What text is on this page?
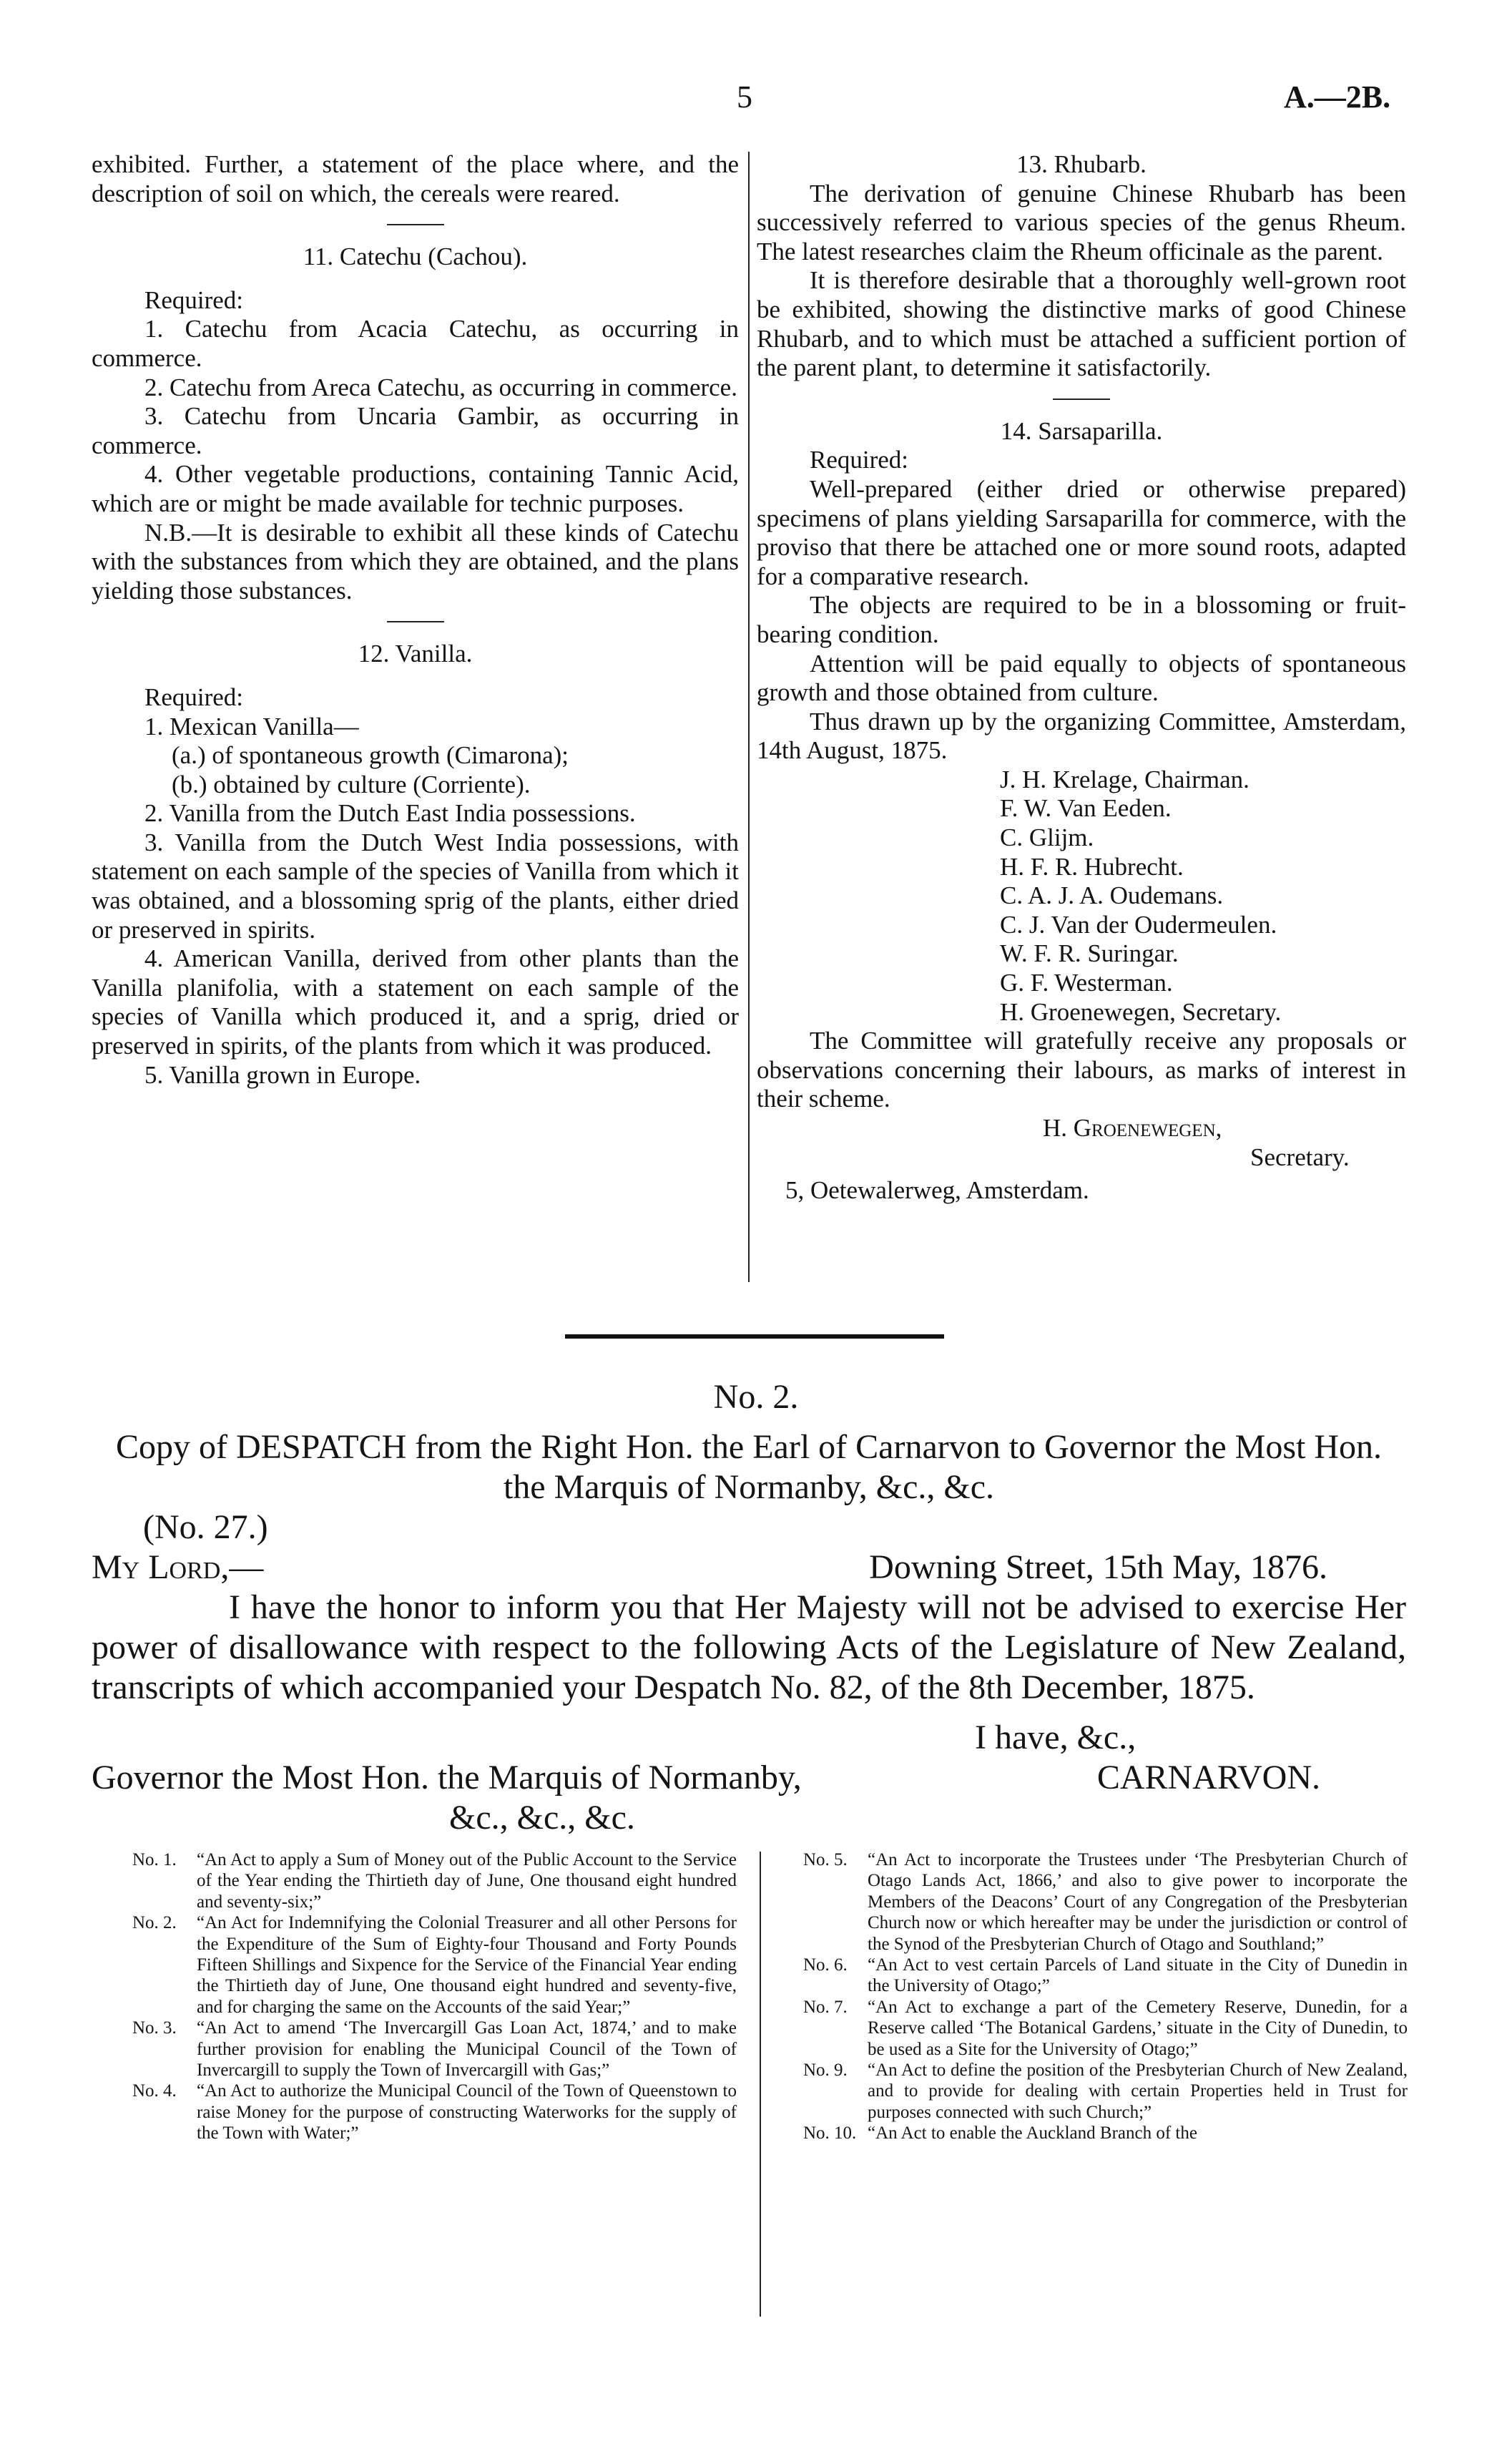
5	A.—2B.

exhibited. Further, a statement of the place where, and the description of soil on which, the cereals were reared.

11. Catechu (Cachou).

Required:

1. Catechu from Acacia Catechu, as occurring in commerce.

2. Catechu from Areca Catechu, as occurring in commerce.

3. Catechu from Uncaria Gambir, as occurring in commerce.

4. Other vegetable productions, containing Tannic Acid, which are or might be made available for technic purposes.

N.B.—It is desirable to exhibit all these kinds of Catechu with the substances from which they are obtained, and the plans yielding those substances.

12. Vanilla.

Required:

1. Mexican Vanilla—

(a.) of spontaneous growth (Cimarona);

(b.) obtained by culture (Corriente).

2. Vanilla from the Dutch East India possessions.

3. Vanilla from the Dutch West India possessions, with statement on each sample of the species of Vanilla from which it was obtained, and a blossoming sprig of the plants, either dried or preserved in spirits.

4. American Vanilla, derived from other plants than the Vanilla planifolia, with a statement on each sample of the species of Vanilla which produced it, and a sprig, dried or preserved in spirits, of the plants from which it was produced.

5. Vanilla grown in Europe.

13. Rhubarb.

The derivation of genuine Chinese Rhubarb has been successively referred to various species of the genus Rheum. The latest researches claim the Rheum officinale as the parent.

It is therefore desirable that a thoroughly well-grown root be exhibited, showing the distinctive marks of good Chinese Rhubarb, and to which must be attached a sufficient portion of the parent plant, to determine it satisfactorily.

14. Sarsaparilla.

Required:

Well-prepared (either dried or otherwise prepared) specimens of plans yielding Sarsaparilla for commerce, with the proviso that there be attached one or more sound roots, adapted for a comparative research.

The objects are required to be in a blossoming or fruit-bearing condition.

Attention will be paid equally to objects of spontaneous growth and those obtained from culture.

Thus drawn up by the organizing Committee, Amsterdam, 14th August, 1875.

J. H. Krelage, Chairman.

F. W. Van Eeden.

C. Glijm.

H. F. R. Hubrecht.

C. A. J. A. Oudemans.

C. J. Van der Oudermeulen.

W. F. R. Suringar.

G. F. Westerman.

H. Groenewegen, Secretary.

The Committee will gratefully receive any proposals or observations concerning their labours, as marks of interest in their scheme.

H. Groenewegen,

Secretary.

5, Oetewalerweg, Amsterdam.

No. 2.

Copy of DESPATCH from the Right Hon. the Earl of Carnarvon to Governor the Most Hon. the Marquis of Normanby, &c., &c.

(No. 27.)

My Lord,—	Downing Street, 15th May, 1876.

I have the honor to inform you that Her Majesty will not be advised to exercise Her power of disallowance with respect to the following Acts of the Legislature of New Zealand, transcripts of which accompanied your Despatch No. 82, of the 8th December, 1875.

I have, &c.,

Governor the Most Hon. the Marquis of Normanby,	CARNARVON.

&c., &c., &c.

No. 1.	“An Act to apply a Sum of Money out of the Public Account to the Service of the Year ending the Thirtieth day of June, One thousand eight hundred and seventy-six;”
No. 2.	“An Act for Indemnifying the Colonial Treasurer and all other Persons for the Expenditure of the Sum of Eighty-four Thousand and Forty Pounds Fifteen Shillings and Sixpence for the Service of the Financial Year ending the Thirtieth day of June, One thousand eight hundred and seventy-five, and for charging the same on the Accounts of the said Year;”
No. 3.	“An Act to amend ‘The Invercargill Gas Loan Act, 1874,’ and to make further provision for enabling the Municipal Council of the Town of Invercargill to supply the Town of Invercargill with Gas;”
No. 4.	“An Act to authorize the Municipal Council of the Town of Queenstown to raise Money for the purpose of constructing Waterworks for the supply of the Town with Water;”
No. 5.	“An Act to incorporate the Trustees under ‘The Presbyterian Church of Otago Lands Act, 1866,’ and also to give power to incorporate the Members of the Deacons’ Court of any Congregation of the Presbyterian Church now or which hereafter may be under the jurisdiction or control of the Synod of the Presbyterian Church of Otago and Southland;”
No. 6.	“An Act to vest certain Parcels of Land situate in the City of Dunedin in the University of Otago;”
No. 7.	“An Act to exchange a part of the Cemetery Reserve, Dunedin, for a Reserve called ‘The Botanical Gardens,’ situate in the City of Dunedin, to be used as a Site for the University of Otago;”
No. 9.	“An Act to define the position of the Presbyterian Church of New Zealand, and to provide for dealing with certain Properties held in Trust for purposes connected with such Church;”
No. 10. “An Act to enable the Auckland Branch of the
